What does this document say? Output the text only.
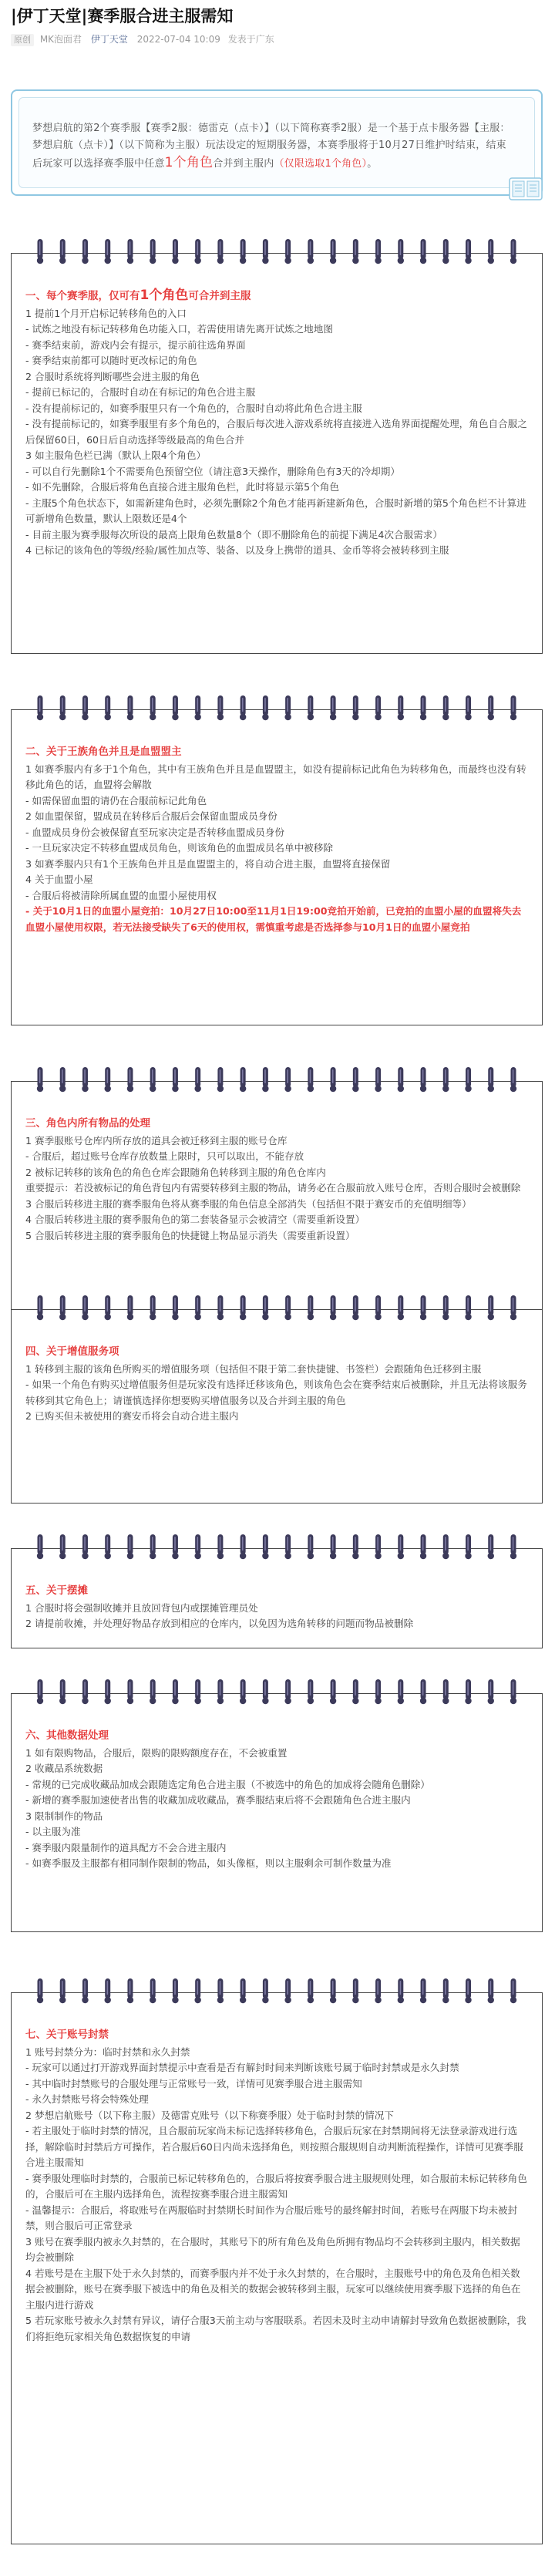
|伊丁天堂|赛季服合进主服需知
原创 MK泡面君 伊丁天堂 2022-07-04 10:09 发表于广东
梦想启航的第2个赛季服【赛季2服：德雷克（点卡）】（以下简称赛季2服）是一个基于点卡服务器【主服：梦想启航（点卡）】（以下简称为主服）玩法设定的短期服务器，本赛季服将于10月27日维护时结束，结束后玩家可以选择赛季服中任意1个角色合并到主服内（仅限选取1个角色）。
一、每个赛季服，仅可有1个角色可合并到主服

1 提前1个月开启标记转移角色的入口

- 试炼之地没有标记转移角色功能入口，若需使用请先离开试炼之地地图

- 赛季结束前，游戏内会有提示，提示前往选角界面

- 赛季结束前都可以随时更改标记的角色

2 合服时系统将判断哪些会进主服的角色

- 提前已标记的，合服时自动在有标记的角色合进主服

- 没有提前标记的，如赛季服里只有一个角色的，合服时自动将此角色合进主服

- 没有提前标记的，如赛季服里有多个角色的，合服后每次进入游戏系统将直接进入选角界面提醒处理，角色自合服之后保留60日，60日后自动选择等级最高的角色合并

3 如主服角色栏已满（默认上限4个角色）

- 可以自行先删除1个不需要角色预留空位（请注意3天操作，删除角色有3天的冷却期）

- 如不先删除，合服后将角色直接合进主服角色栏，此时将显示第5个角色

- 主服5个角色状态下，如需新建角色时，必须先删除2个角色才能再新建新角色，合服时新增的第5个角色栏不计算进可新增角色数量，默认上限数还是4个

- 目前主服为赛季服每次所设的最高上限角色数量8个（即不删除角色的前提下满足4次合服需求）

4 已标记的该角色的等级/经验/属性加点等、装备、以及身上携带的道具、金币等将会被转移到主服

二、关于王族角色并且是血盟盟主

1 如赛季服内有多于1个角色，其中有王族角色并且是血盟盟主，如没有提前标记此角色为转移角色，而最终也没有转移此角色的话，血盟将会解散

- 如需保留血盟的请仍在合服前标记此角色

2 如血盟保留，盟成员在转移后合服后会保留血盟成员身份

- 血盟成员身份会被保留直至玩家决定是否转移血盟成员身份

- 一旦玩家决定不转移血盟成员角色，则该角色的血盟成员名单中被移除

3 如赛季服内只有1个王族角色并且是血盟盟主的，将自动合进主服，血盟将直接保留

4 关于血盟小屋

- 合服后将被清除所属血盟的血盟小屋使用权

- 关于10月1日的血盟小屋竞拍：10月27日10:00至11月1日19:00竞拍开始前，已竞拍的血盟小屋的血盟将失去血盟小屋使用权限，若无法接受缺失了6天的使用权，需慎重考虑是否选择参与10月1日的血盟小屋竞拍

三、角色内所有物品的处理

1 赛季服账号仓库内所存放的道具会被迁移到主服的账号仓库

- 合服后，超过账号仓库存放数量上限时，只可以取出，不能存放

2 被标记转移的该角色的角色仓库会跟随角色转移到主服的角色仓库内

重要提示：若没被标记的角色背包内有需要转移到主服的物品，请务必在合服前放入账号仓库，否则合服时会被删除

3 合服后转移进主服的赛季服角色将从赛季服的角色信息全部消失（包括但不限于赛安币的充值明细等）

4 合服后转移进主服的赛季服角色的第二套装备显示会被清空（需要重新设置）

5 合服后转移进主服的赛季服角色的快捷键上物品显示消失（需要重新设置）

四、关于增值服务项

1 转移到主服的该角色所购买的增值服务项（包括但不限于第二套快捷键、书签栏）会跟随角色迁移到主服

- 如果一个角色有购买过增值服务但是玩家没有选择迁移该角色，则该角色会在赛季结束后被删除，并且无法将该服务转移到其它角色上；请谨慎选择你想要购买增值服务以及合并到主服的角色

2 已购买但未被使用的赛安币将会自动合进主服内

五、关于摆摊

1 合服时将会强制收摊并且放回背包内或摆摊管理员处

2 请提前收摊，并处理好物品存放到相应的仓库内，以免因为选角转移的问题而物品被删除

六、其他数据处理

1 如有限购物品，合服后，限购的限购额度存在，不会被重置

2 收藏品系统数据

- 常规的已完成收藏品加成会跟随选定角色合进主服（不被选中的角色的加成将会随角色删除）

- 新增的赛季服加速使者出售的收藏加成收藏品，赛季服结束后将不会跟随角色合进主服内

3 限制制作的物品

- 以主服为准

- 赛季服内限量制作的道具配方不会合进主服内

- 如赛季服及主服都有相同制作限制的物品，如头像框，则以主服剩余可制作数量为准

七、关于账号封禁

1 账号封禁分为：临时封禁和永久封禁

- 玩家可以通过打开游戏界面封禁提示中查看是否有解封时间来判断该账号属于临时封禁或是永久封禁

- 其中临时封禁账号的合服处理与正常账号一致，详情可见赛季服合进主服需知

- 永久封禁账号将会特殊处理

2 梦想启航账号（以下称主服）及德雷克账号（以下称赛季服）处于临时封禁的情况下

- 若主服处于临时封禁的情况，且合服前玩家尚未标记选择转移角色，合服后玩家在封禁期间将无法登录游戏进行选择，解除临时封禁后方可操作，若合服后60日内尚未选择角色，则按照合服规则自动判断流程操作，详情可见赛季服合进主服需知

- 赛季服处理临时封禁的，合服前已标记转移角色的，合服后将按赛季服合进主服规则处理，如合服前未标记转移角色的，合服后可在主服内选择角色，流程按赛季服合进主服需知

- 温馨提示：合服后，将取账号在两服临时封禁期长时间作为合服后账号的最终解封时间，若账号在两服下均未被封禁，则合服后可正常登录

3 账号在赛季服内被永久封禁的，在合服时，其账号下的所有角色及角色所拥有物品均不会转移到主服内，相关数据均会被删除

4 若账号是在主服下处于永久封禁的，而赛季服内并不处于永久封禁的，在合服时，主服账号中的角色及角色相关数据会被删除，账号在赛季服下被选中的角色及相关的数据会被转移到主服，玩家可以继续使用赛季服下选择的角色在主服内进行游戏

5 若玩家账号被永久封禁有异议，请仔合服3天前主动与客服联系。若因未及时主动申请解封导致角色数据被删除，我们将拒绝玩家相关角色数据恢复的申请
